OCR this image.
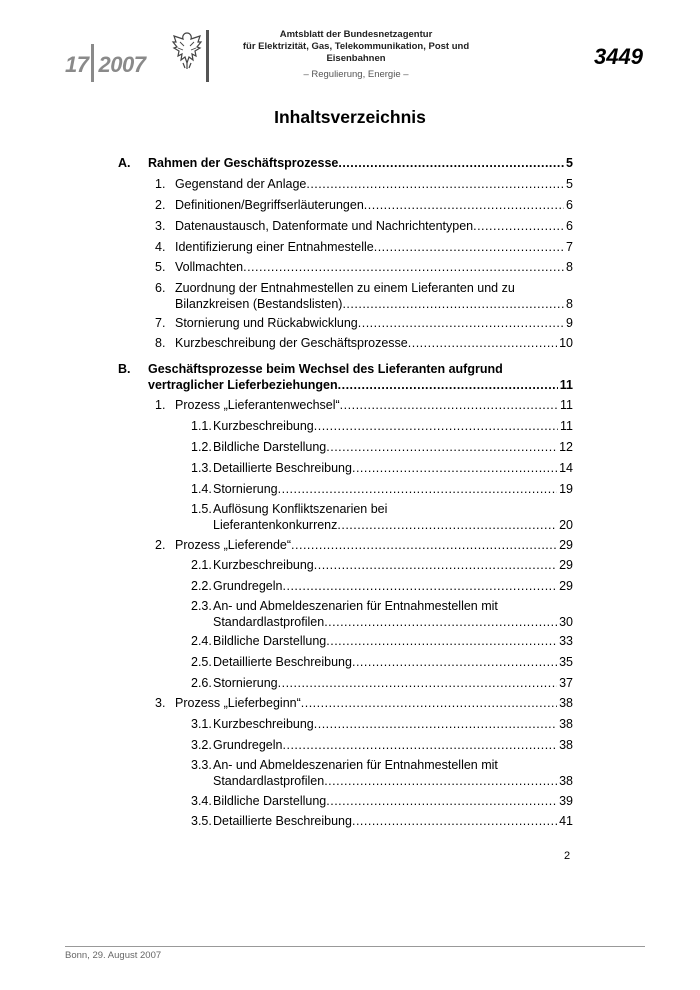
17 2007
Amtsblatt der Bundesnetzagentur
für Elektrizität, Gas, Telekommunikation, Post und Eisenbahnen
– Regulierung, Energie –
3449
Inhaltsverzeichnis
A. Rahmen der Geschäftsprozesse .....	5
1. Gegenstand der Anlage .....	5
2. Definitionen/Begriffserläuterungen .....	6
3. Datenaustausch, Datenformate und Nachrichtentypen .....	6
4. Identifizierung einer Entnahmestelle .....	7
5. Vollmachten .....	8
6. Zuordnung der Entnahmestellen zu einem Lieferanten und zu
Bilanzkreisen (Bestandslisten) .....	8
7. Stornierung und Rückabwicklung .....	9
8. Kurzbeschreibung der Geschäftsprozesse .....	10
B. Geschäftsprozesse beim Wechsel des Lieferanten aufgrund
vertraglicher Lieferbeziehungen .....	11
1. Prozess „Lieferantenwechsel“ .....	11
1.1. Kurzbeschreibung .....	11
1.2. Bildliche Darstellung .....	12
1.3. Detaillierte Beschreibung .....	14
1.4. Stornierung .....	19
1.5. Auflösung Konfliktszenarien bei
Lieferantenkonkurrenz .....	20
2. Prozess „Lieferende“ .....	29
2.1. Kurzbeschreibung .....	29
2.2. Grundregeln .....	29
2.3. An- und Abmeldeszenarien für Entnahmestellen mit
Standardlastprofilen .....	30
2.4. Bildliche Darstellung .....	33
2.5. Detaillierte Beschreibung .....	35
2.6. Stornierung .....	37
3. Prozess „Lieferbeginn“ .....	38
3.1. Kurzbeschreibung .....	38
3.2. Grundregeln .....	38
3.3. An- und Abmeldeszenarien für Entnahmestellen mit
Standardlastprofilen .....	38
3.4. Bildliche Darstellung .....	39
3.5. Detaillierte Beschreibung .....	41
2
Bonn, 29. August 2007
